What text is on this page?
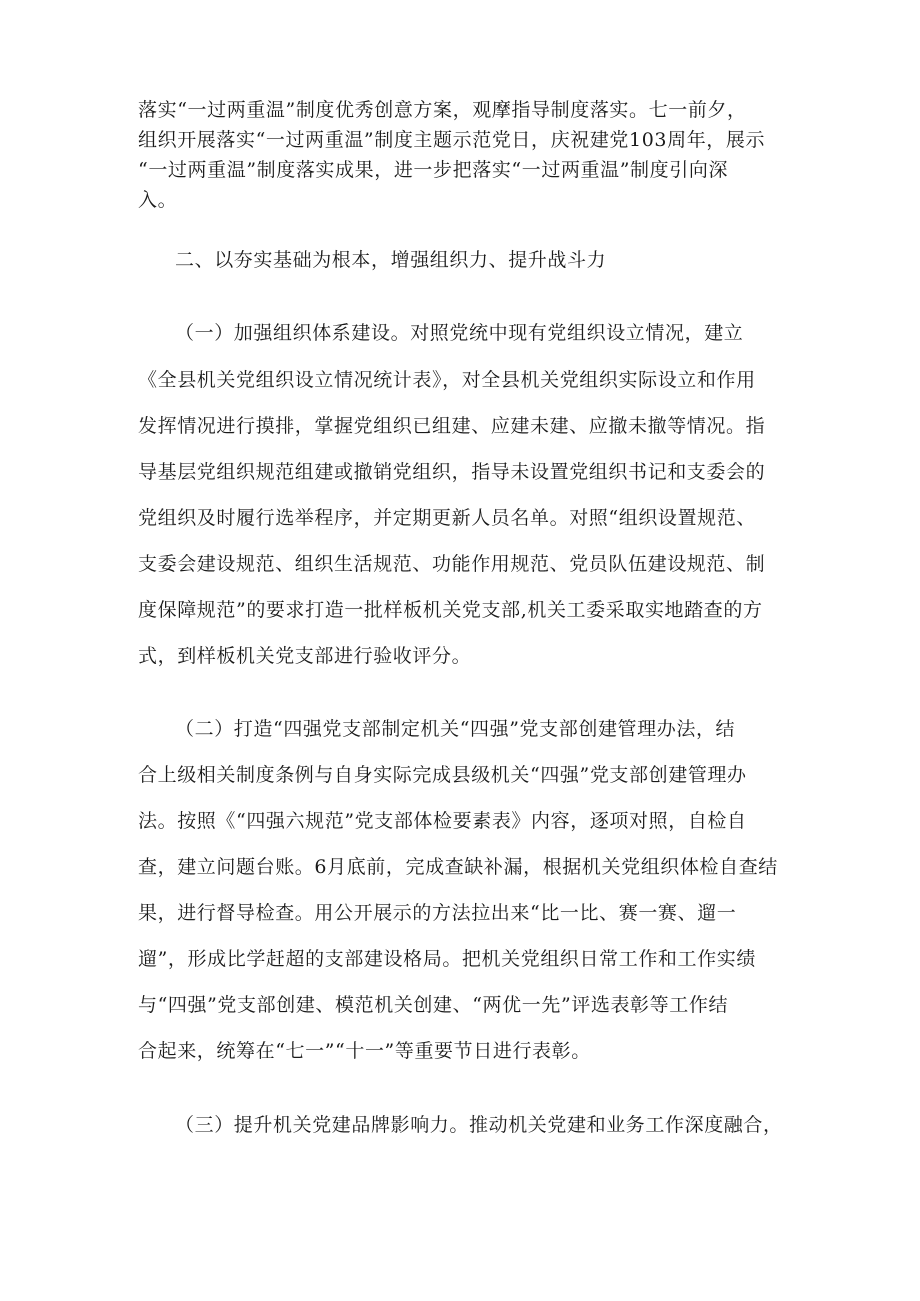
落实“一过两重温”制度优秀创意方案，观摩指导制度落实。七一前夕，
组织开展落实“一过两重温”制度主题示范党日，庆祝建党103周年，展示
“一过两重温”制度落实成果，进一步把落实“一过两重温”制度引向深
入。
二、以夯实基础为根本，增强组织力、提升战斗力
（一）加强组织体系建设。对照党统中现有党组织设立情况，建立
《全县机关党组织设立情况统计表》，对全县机关党组织实际设立和作用
发挥情况进行摸排，掌握党组织已组建、应建未建、应撤未撤等情况。指
导基层党组织规范组建或撤销党组织，指导未设置党组织书记和支委会的
党组织及时履行选举程序，并定期更新人员名单。对照“组织设置规范、
支委会建设规范、组织生活规范、功能作用规范、党员队伍建设规范、制
度保障规范”的要求打造一批样板机关党支部,机关工委采取实地踏查的方
式，到样板机关党支部进行验收评分。
（二）打造“四强党支部制定机关“四强”党支部创建管理办法，结
合上级相关制度条例与自身实际完成县级机关“四强”党支部创建管理办
法。按照《“四强六规范”党支部体检要素表》内容，逐项对照，自检自
查，建立问题台账。6月底前，完成查缺补漏，根据机关党组织体检自查结
果，进行督导检查。用公开展示的方法拉出来“比一比、赛一赛、遛一
遛”，形成比学赶超的支部建设格局。把机关党组织日常工作和工作实绩
与“四强”党支部创建、模范机关创建、“两优一先”评选表彰等工作结
合起来，统筹在“七一”“十一”等重要节日进行表彰。
（三）提升机关党建品牌影响力。推动机关党建和业务工作深度融合，
